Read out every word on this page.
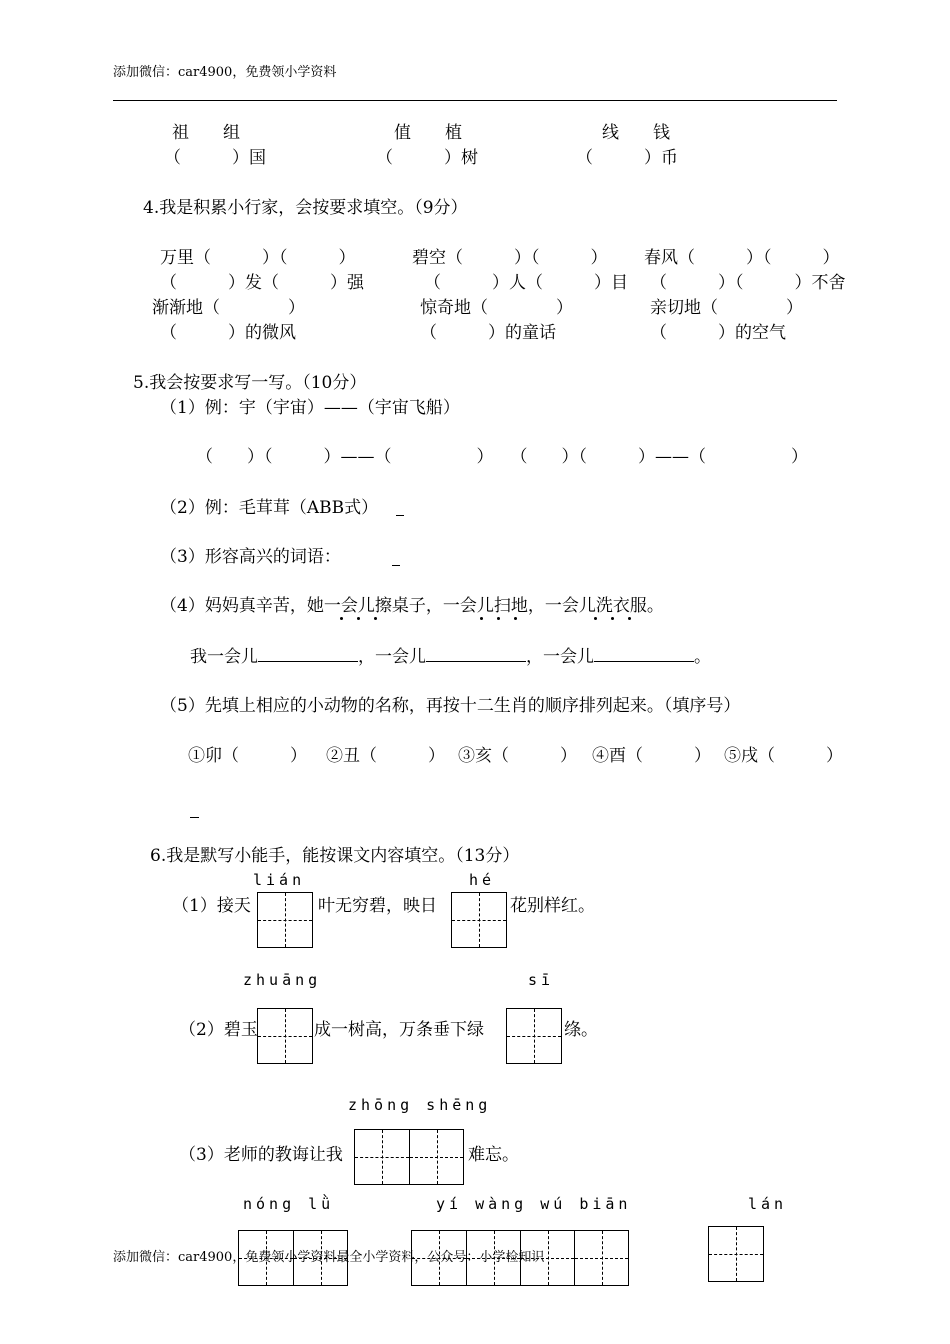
添加微信：car4900，免费领小学资料
祖　　组	值　　植	线　　钱
（　　　）国	（　　　）树	（　　　）币
4.我是积累小行家，会按要求填空。（9分）
万里（　　　）（　　　）	碧空（　　　）（　　　） 春风（　　　）（　　　）
（　　　）发（　　　）强	（　　　）人（　　　）目 （　　　）（　　　）不舍
渐渐地（　　　　）	惊奇地（　　　　）	亲切地（　　　　）
（　　　）的微风	（　　　）的童话	（　　　）的空气
5.我会按要求写一写。（10分）
（1）例：宇（宇宙）——（宇宙飞船）
（　　）（　　　）——（　　　　　）　　（　　）（　　　）——（　　　　　）
（2）例：毛茸茸（ABB式）
（3）形容高兴的词语：
（4）妈妈真辛苦，她一会儿擦桌子，一会儿扫地，一会儿洗衣服。
我一会儿	，一会儿	，一会儿	。
（5）先填上相应的小动物的名称，再按十二生肖的顺序排列起来。（填序号）
①卯（　　　） ②丑（　　　） ③亥（　　　） ④酉（　　　） ⑤戌（　　　）
6.我是默写小能手，能按课文内容填空。（13分）
lián	hé
（1）接天	叶无穷碧，映日	花别样红。
zhuāng	sī
（2）碧玉	成一树高，万条垂下绿	绦。
zhōng shēng
（3）老师的教诲让我	难忘。
nóng lǜ	yí wàng wú biān	lán
添加微信：car4900，免费领小学资料最全小学资料，公众号：小学检知识
